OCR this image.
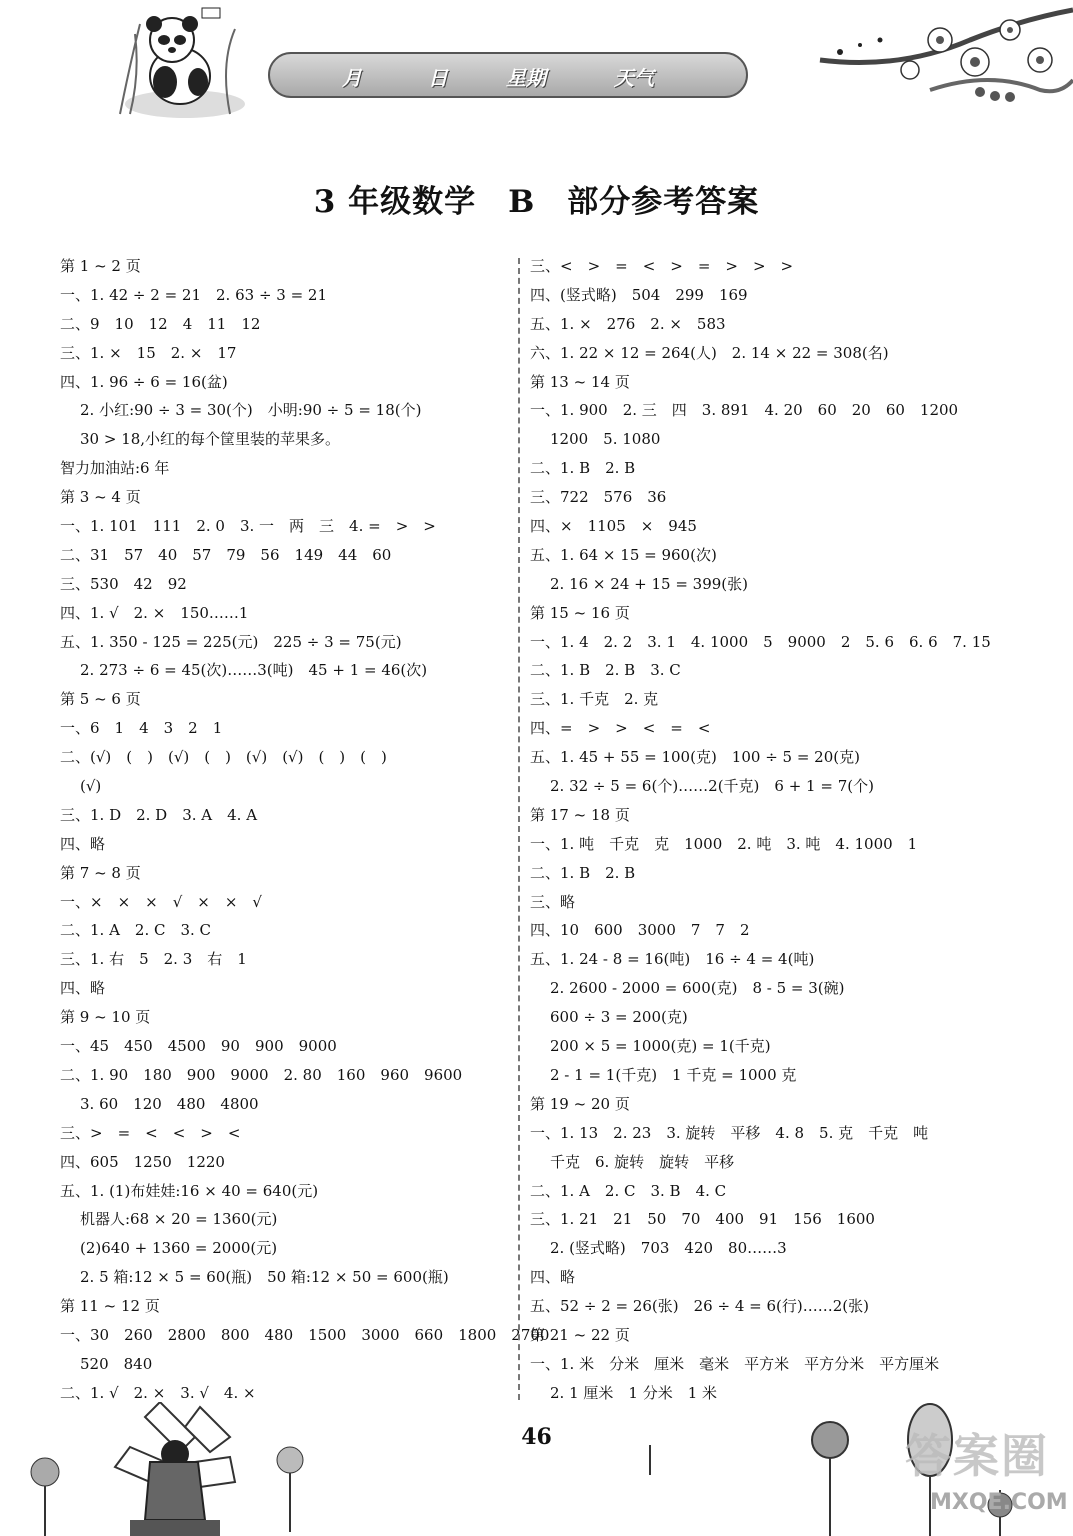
月	日	星期	天气
3 年级数学　B　部分参考答案
第 1 ~ 2 页
一、1. 42 ÷ 2 = 21　2. 63 ÷ 3 = 21
二、9　10　12　4　11　12
三、1. ×　15　2. ×　17
四、1. 96 ÷ 6 = 16(盆)
2. 小红:90 ÷ 3 = 30(个)　小明:90 ÷ 5 = 18(个)
30 > 18,小红的每个筐里装的苹果多。
智力加油站:6 年
第 3 ~ 4 页
一、1. 101　111　2. 0　3. 一　两　三　4. =　>　>
二、31　57　40　57　79　56　149　44　60
三、530　42　92
四、1. √　2. ×　150……1
五、1. 350 - 125 = 225(元)　225 ÷ 3 = 75(元)
2. 273 ÷ 6 = 45(次)……3(吨)　45 + 1 = 46(次)
第 5 ~ 6 页
一、6　1　4　3　2　1
二、(√)　(　)　(√)　(　)　(√)　(√)　(　)　(　)
(√)
三、1. D　2. D　3. A　4. A
四、略
第 7 ~ 8 页
一、×　×　×　√　×　×　√
二、1. A　2. C　3. C
三、1. 右　5　2. 3　右　1
四、略
第 9 ~ 10 页
一、45　450　4500　90　900　9000
二、1. 90　180　900　9000　2. 80　160　960　9600
3. 60　120　480　4800
三、>　=　<　<　>　<
四、605　1250　1220
五、1. (1)布娃娃:16 × 40 = 640(元)
机器人:68 × 20 = 1360(元)
(2)640 + 1360 = 2000(元)
2. 5 箱:12 × 5 = 60(瓶)　50 箱:12 × 50 = 600(瓶)
第 11 ~ 12 页
一、30　260　2800　800　480　1500　3000　660　1800　2700
520　840
二、1. √　2. ×　3. √　4. ×
三、<　>　=　<　>　=　>　>　>
四、(竖式略)　504　299　169
五、1. ×　276　2. ×　583
六、1. 22 × 12 = 264(人)　2. 14 × 22 = 308(名)
第 13 ~ 14 页
一、1. 900　2. 三　四　3. 891　4. 20　60　20　60　1200
1200　5. 1080
二、1. B　2. B
三、722　576　36
四、×　1105　×　945
五、1. 64 × 15 = 960(次)
2. 16 × 24 + 15 = 399(张)
第 15 ~ 16 页
一、1. 4　2. 2　3. 1　4. 1000　5　9000　2　5. 6　6. 6　7. 15
二、1. B　2. B　3. C
三、1. 千克　2. 克
四、=　>　>　<　=　<
五、1. 45 + 55 = 100(克)　100 ÷ 5 = 20(克)
2. 32 ÷ 5 = 6(个)……2(千克)　6 + 1 = 7(个)
第 17 ~ 18 页
一、1. 吨　千克　克　1000　2. 吨　3. 吨　4. 1000　1
二、1. B　2. B
三、略
四、10　600　3000　7　7　2
五、1. 24 - 8 = 16(吨)　16 ÷ 4 = 4(吨)
2. 2600 - 2000 = 600(克)　8 - 5 = 3(碗)
600 ÷ 3 = 200(克)
200 × 5 = 1000(克) = 1(千克)
2 - 1 = 1(千克)　1 千克 = 1000 克
第 19 ~ 20 页
一、1. 13　2. 23　3. 旋转　平移　4. 8　5. 克　千克　吨
千克　6. 旋转　旋转　平移
二、1. A　2. C　3. B　4. C
三、1. 21　21　50　70　400　91　156　1600
2. (竖式略)　703　420　80……3
四、略
五、52 ÷ 2 = 26(张)　26 ÷ 4 = 6(行)……2(张)
第 21 ~ 22 页
一、1. 米　分米　厘米　毫米　平方米　平方分米　平方厘米
2. 1 厘米　1 分米　1 米
46	答案圈
MXQE.COM
